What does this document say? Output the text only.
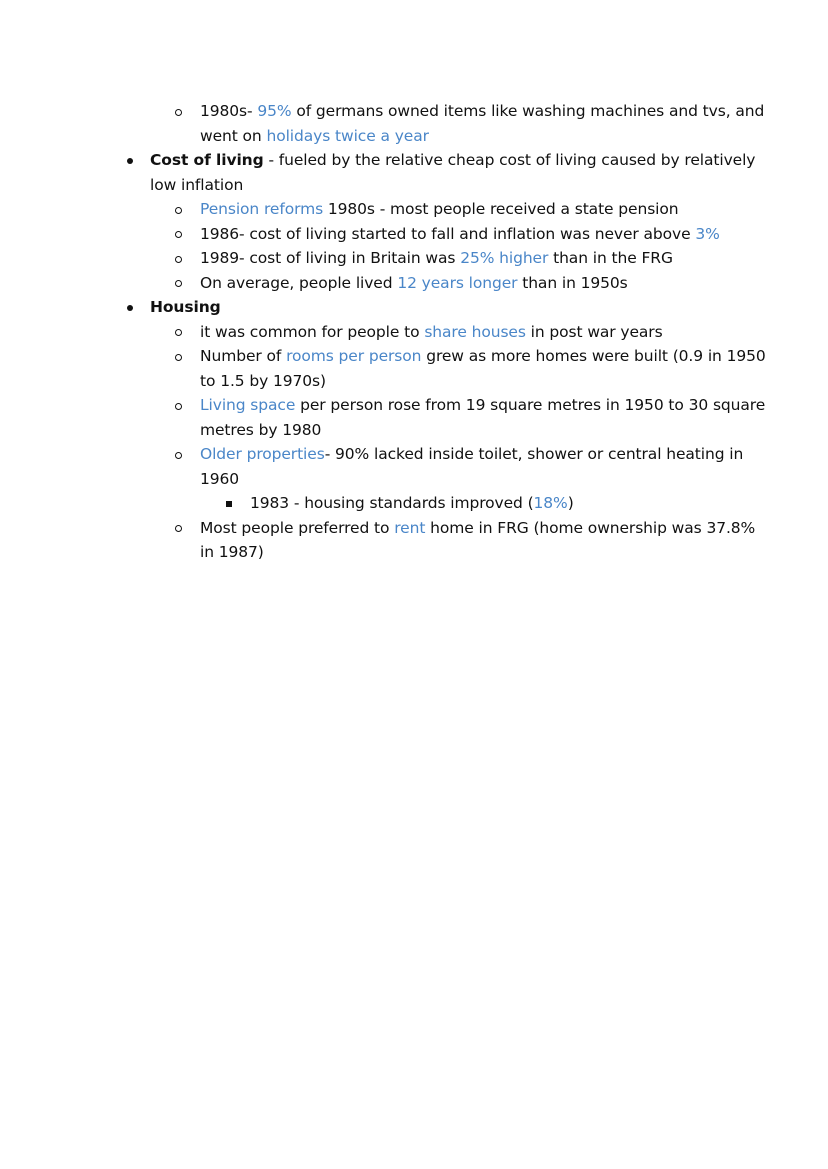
1980s- 95% of germans owned items like washing machines and tvs, and
went on holidays twice a year
Cost of living - fueled by the relative cheap cost of living caused by relatively
low inflation
Pension reforms 1980s - most people received a state pension
1986- cost of living started to fall and inflation was never above 3%
1989- cost of living in Britain was 25% higher than in the FRG
On average, people lived 12 years longer than in 1950s
Housing
it was common for people to share houses in post war years
Number of rooms per person grew as more homes were built (0.9 in 1950
to 1.5 by 1970s)
Living space per person rose from 19 square metres in 1950 to 30 square
metres by 1980
Older properties- 90% lacked inside toilet, shower or central heating in
1960
1983 - housing standards improved (18%)
Most people preferred to rent home in FRG (home ownership was 37.8%
in 1987)
